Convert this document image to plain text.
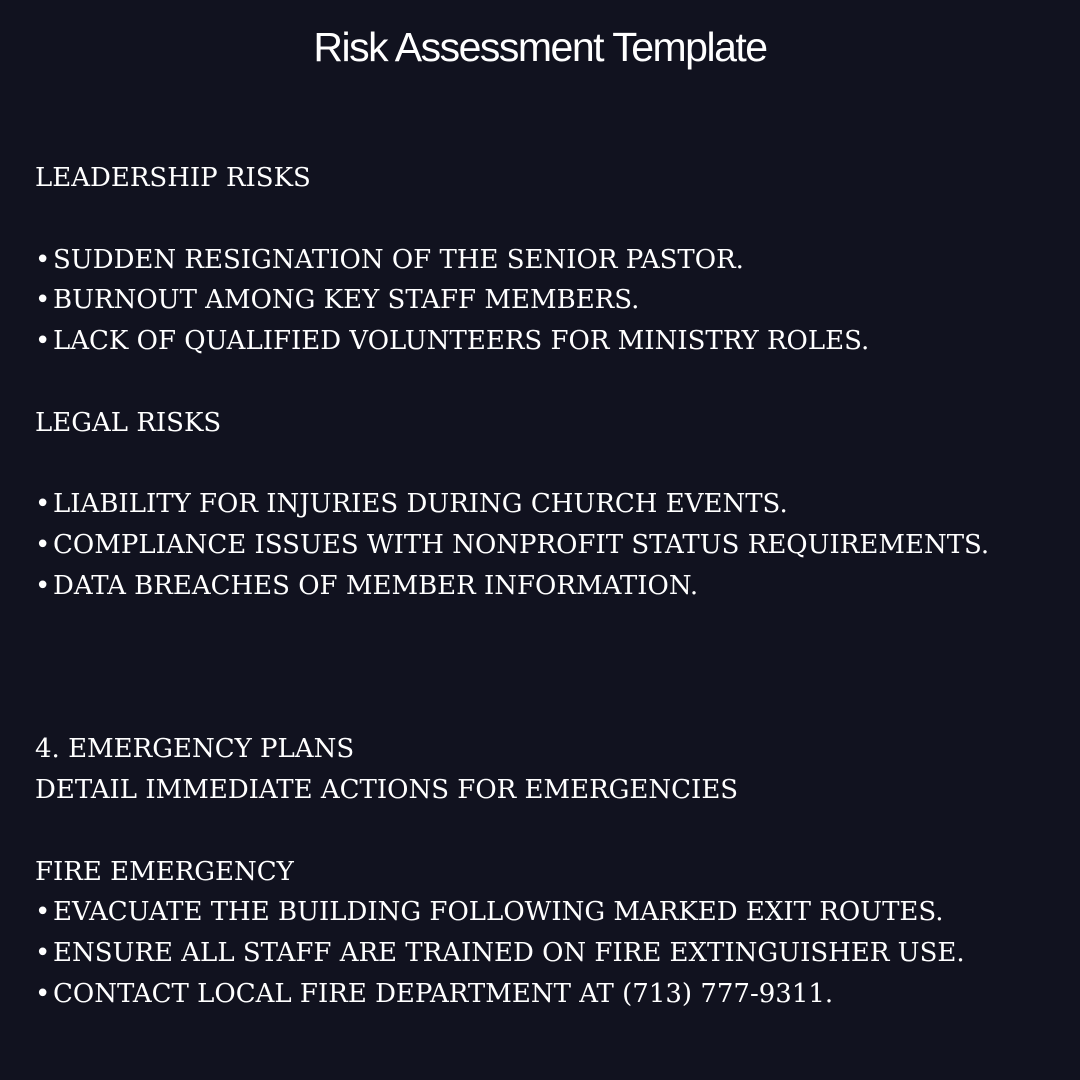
Risk Assessment Template
LEADERSHIP RISKS
• SUDDEN RESIGNATION OF THE SENIOR PASTOR.
• BURNOUT AMONG KEY STAFF MEMBERS.
• LACK OF QUALIFIED VOLUNTEERS FOR MINISTRY ROLES.
LEGAL RISKS
• LIABILITY FOR INJURIES DURING CHURCH EVENTS.
• COMPLIANCE ISSUES WITH NONPROFIT STATUS REQUIREMENTS.
• DATA BREACHES OF MEMBER INFORMATION.
4. EMERGENCY PLANS
DETAIL IMMEDIATE ACTIONS FOR EMERGENCIES
FIRE EMERGENCY
• EVACUATE THE BUILDING FOLLOWING MARKED EXIT ROUTES.
• ENSURE ALL STAFF ARE TRAINED ON FIRE EXTINGUISHER USE.
• CONTACT LOCAL FIRE DEPARTMENT AT (713) 777-9311.
